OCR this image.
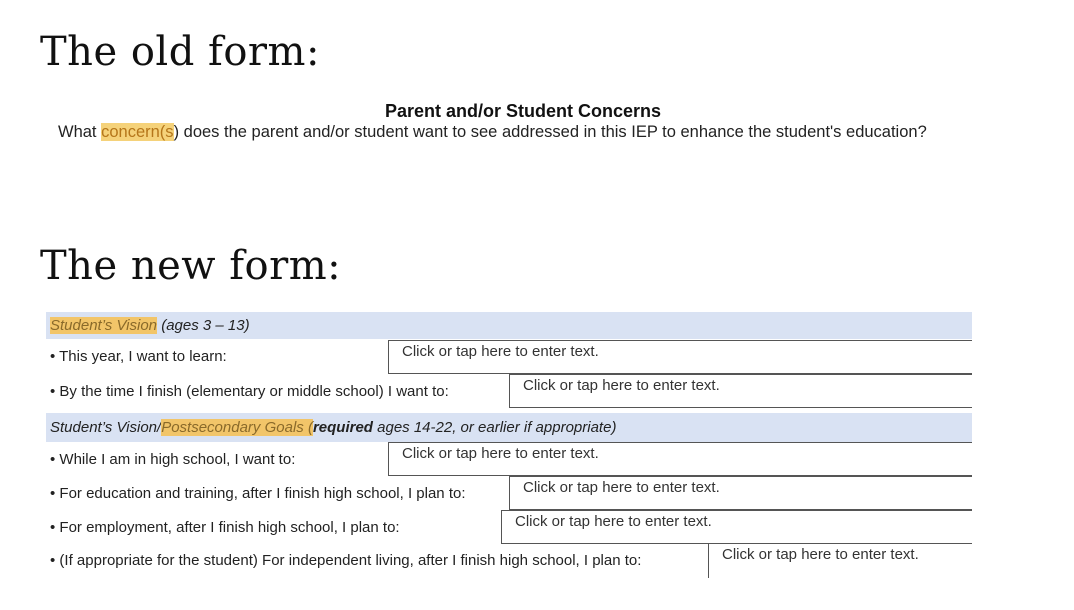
The old form:
Parent and/or Student Concerns
What concern(s) does the parent and/or student want to see addressed in this IEP to enhance the student's education?
The new form:
Student’s Vision (ages 3 – 13)
• This year, I want to learn:	Click or tap here to enter text.
• By the time I finish (elementary or middle school) I want to:	Click or tap here to enter text.
Student’s Vision/Postsecondary Goals (required ages 14-22, or earlier if appropriate)
• While I am in high school, I want to:	Click or tap here to enter text.
• For education and training, after I finish high school, I plan to:	Click or tap here to enter text.
• For employment, after I finish high school, I plan to:	Click or tap here to enter text.
• (If appropriate for the student) For independent living, after I finish high school, I plan to:	Click or tap here to enter text.
